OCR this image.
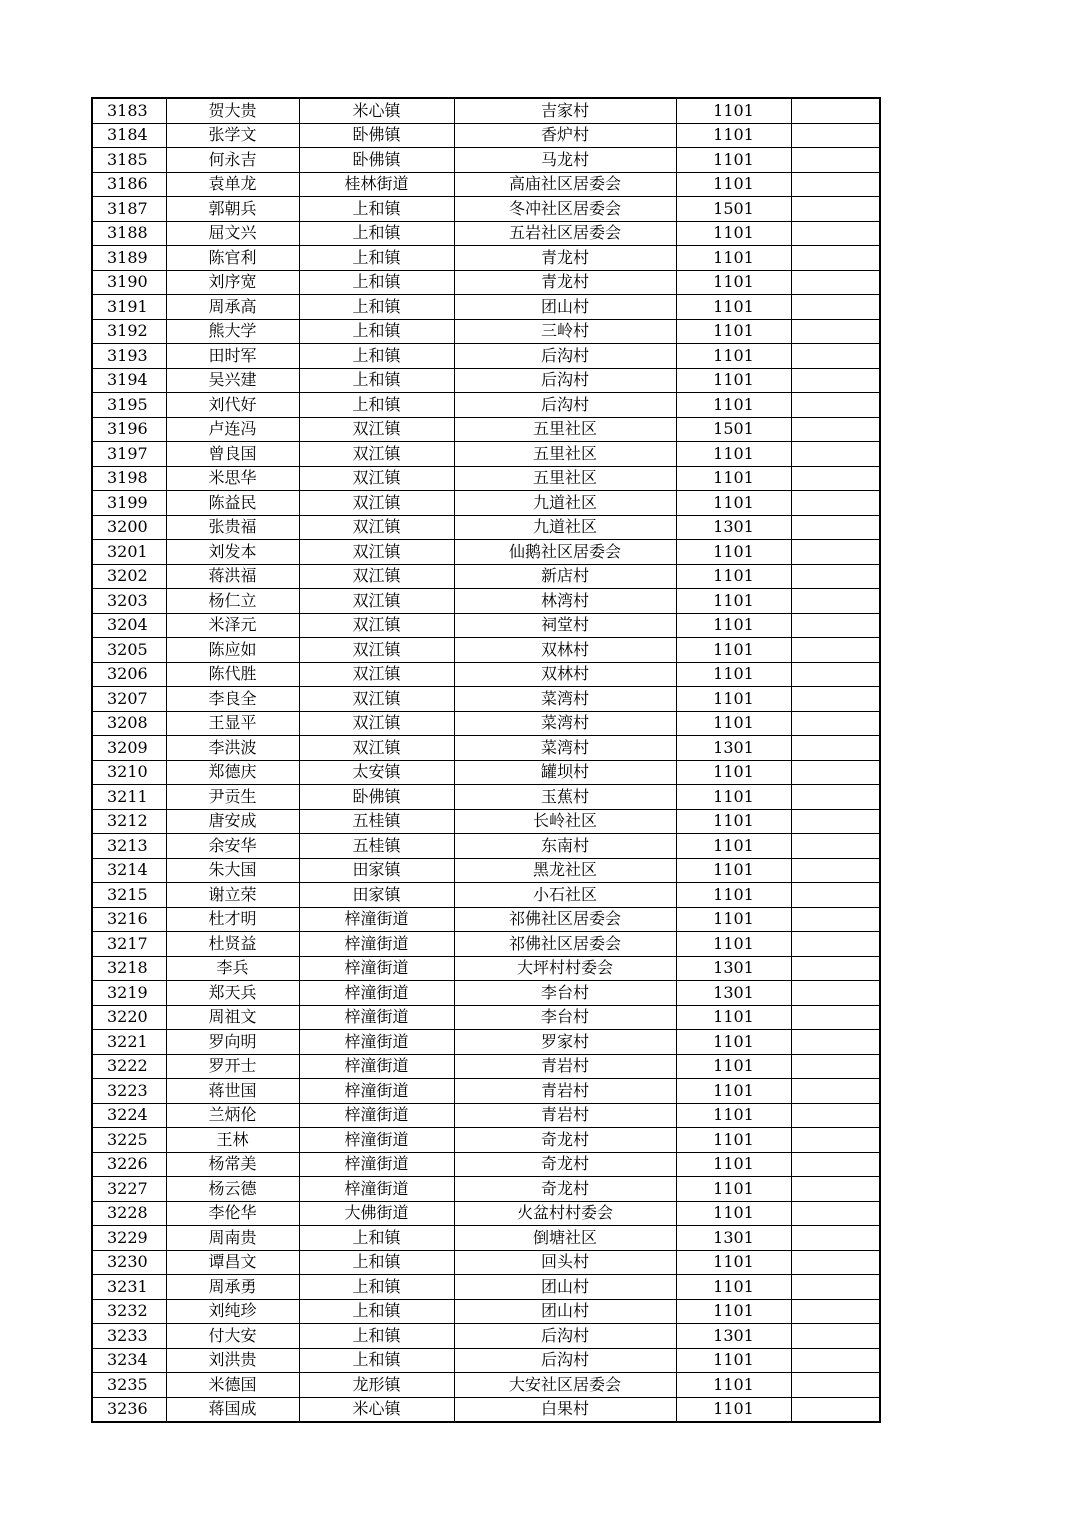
3183	贺大贵	米心镇	吉家村	1101	
3184	张学文	卧佛镇	香炉村	1101	
3185	何永吉	卧佛镇	马龙村	1101	
3186	袁单龙	桂林街道	高庙社区居委会	1101	
3187	郭朝兵	上和镇	冬冲社区居委会	1501	
3188	屈文兴	上和镇	五岩社区居委会	1101	
3189	陈官利	上和镇	青龙村	1101	
3190	刘序宽	上和镇	青龙村	1101	
3191	周承高	上和镇	团山村	1101	
3192	熊大学	上和镇	三岭村	1101	
3193	田时军	上和镇	后沟村	1101	
3194	吴兴建	上和镇	后沟村	1101	
3195	刘代好	上和镇	后沟村	1101	
3196	卢连冯	双江镇	五里社区	1501	
3197	曾良国	双江镇	五里社区	1101	
3198	米思华	双江镇	五里社区	1101	
3199	陈益民	双江镇	九道社区	1101	
3200	张贵福	双江镇	九道社区	1301	
3201	刘发本	双江镇	仙鹅社区居委会	1101	
3202	蒋洪福	双江镇	新店村	1101	
3203	杨仁立	双江镇	林湾村	1101	
3204	米泽元	双江镇	祠堂村	1101	
3205	陈应如	双江镇	双林村	1101	
3206	陈代胜	双江镇	双林村	1101	
3207	李良全	双江镇	菜湾村	1101	
3208	王显平	双江镇	菜湾村	1101	
3209	李洪波	双江镇	菜湾村	1301	
3210	郑德庆	太安镇	罐坝村	1101	
3211	尹贡生	卧佛镇	玉蕉村	1101	
3212	唐安成	五桂镇	长岭社区	1101	
3213	余安华	五桂镇	东南村	1101	
3214	朱大国	田家镇	黑龙社区	1101	
3215	谢立荣	田家镇	小石社区	1101	
3216	杜才明	梓潼街道	祁佛社区居委会	1101	
3217	杜贤益	梓潼街道	祁佛社区居委会	1101	
3218	李兵	梓潼街道	大坪村村委会	1301	
3219	郑天兵	梓潼街道	李台村	1301	
3220	周祖文	梓潼街道	李台村	1101	
3221	罗向明	梓潼街道	罗家村	1101	
3222	罗开士	梓潼街道	青岩村	1101	
3223	蒋世国	梓潼街道	青岩村	1101	
3224	兰炳伦	梓潼街道	青岩村	1101	
3225	王林	梓潼街道	奇龙村	1101	
3226	杨常美	梓潼街道	奇龙村	1101	
3227	杨云德	梓潼街道	奇龙村	1101	
3228	李伦华	大佛街道	火盆村村委会	1101	
3229	周南贵	上和镇	倒塘社区	1301	
3230	谭昌文	上和镇	回头村	1101	
3231	周承勇	上和镇	团山村	1101	
3232	刘纯珍	上和镇	团山村	1101	
3233	付大安	上和镇	后沟村	1301	
3234	刘洪贵	上和镇	后沟村	1101	
3235	米德国	龙形镇	大安社区居委会	1101	
3236	蒋国成	米心镇	白果村	1101	
